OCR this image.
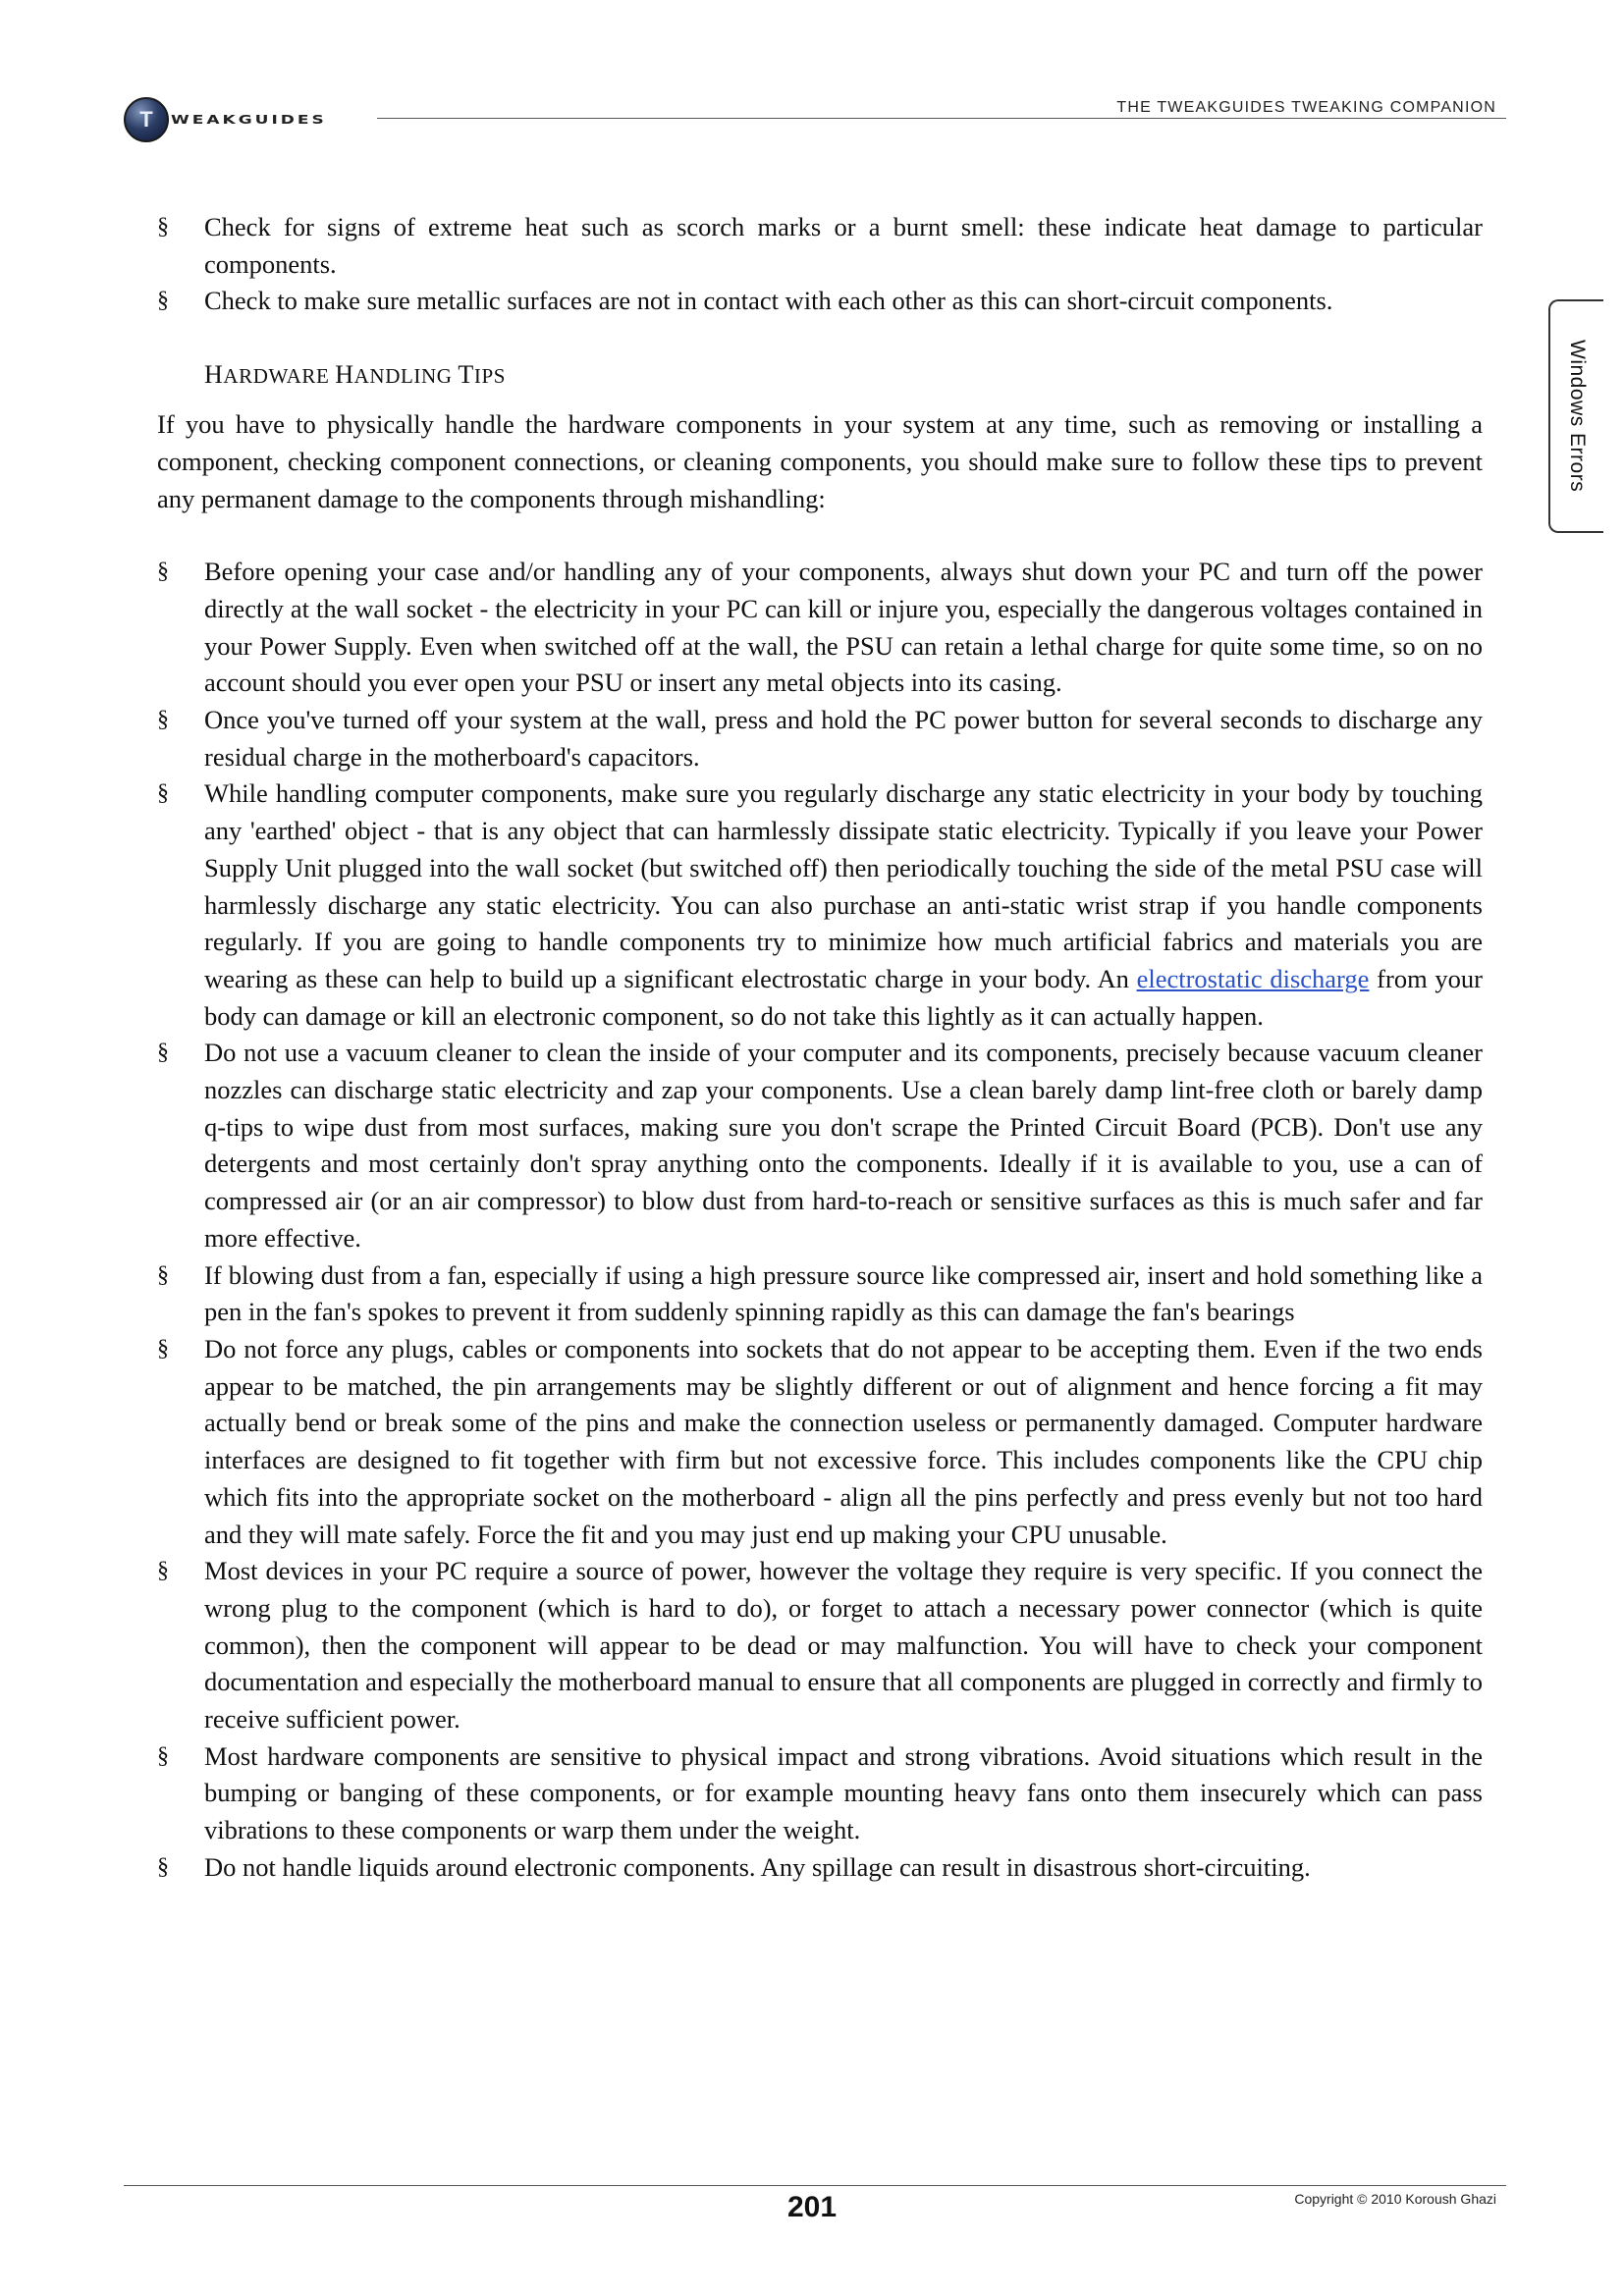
T	WEAKGUIDES
THE TWEAKGUIDES TWEAKING COMPANION
Windows Errors
§ Check for signs of extreme heat such as scorch marks or a burnt smell: these indicate heat damage to particular components.
§ Check to make sure metallic surfaces are not in contact with each other as this can short-circuit components.
HARDWARE HANDLING TIPS

If you have to physically handle the hardware components in your system at any time, such as removing or installing a component, checking component connections, or cleaning components, you should make sure to follow these tips to prevent any permanent damage to the components through mishandling:

§ Before opening your case and/or handling any of your components, always shut down your PC and turn off the power directly at the wall socket - the electricity in your PC can kill or injure you, especially the dangerous voltages contained in your Power Supply. Even when switched off at the wall, the PSU can retain a lethal charge for quite some time, so on no account should you ever open your PSU or insert any metal objects into its casing.
§ Once you've turned off your system at the wall, press and hold the PC power button for several seconds to discharge any residual charge in the motherboard's capacitors.
§ While handling computer components, make sure you regularly discharge any static electricity in your body by touching any 'earthed' object - that is any object that can harmlessly dissipate static electricity. Typically if you leave your Power Supply Unit plugged into the wall socket (but switched off) then periodically touching the side of the metal PSU case will harmlessly discharge any static electricity. You can also purchase an anti-static wrist strap if you handle components regularly. If you are going to handle components try to minimize how much artificial fabrics and materials you are wearing as these can help to build up a significant electrostatic charge in your body. An electrostatic discharge from your body can damage or kill an electronic component, so do not take this lightly as it can actually happen.
§ Do not use a vacuum cleaner to clean the inside of your computer and its components, precisely because vacuum cleaner nozzles can discharge static electricity and zap your components. Use a clean barely damp lint-free cloth or barely damp q-tips to wipe dust from most surfaces, making sure you don't scrape the Printed Circuit Board (PCB). Don't use any detergents and most certainly don't spray anything onto the components. Ideally if it is available to you, use a can of compressed air (or an air compressor) to blow dust from hard-to-reach or sensitive surfaces as this is much safer and far more effective.
§ If blowing dust from a fan, especially if using a high pressure source like compressed air, insert and hold something like a pen in the fan's spokes to prevent it from suddenly spinning rapidly as this can damage the fan's bearings
§ Do not force any plugs, cables or components into sockets that do not appear to be accepting them. Even if the two ends appear to be matched, the pin arrangements may be slightly different or out of alignment and hence forcing a fit may actually bend or break some of the pins and make the connection useless or permanently damaged. Computer hardware interfaces are designed to fit together with firm but not excessive force. This includes components like the CPU chip which fits into the appropriate socket on the motherboard - align all the pins perfectly and press evenly but not too hard and they will mate safely. Force the fit and you may just end up making your CPU unusable.
§ Most devices in your PC require a source of power, however the voltage they require is very specific. If you connect the wrong plug to the component (which is hard to do), or forget to attach a necessary power connector (which is quite common), then the component will appear to be dead or may malfunction. You will have to check your component documentation and especially the motherboard manual to ensure that all components are plugged in correctly and firmly to receive sufficient power.
§ Most hardware components are sensitive to physical impact and strong vibrations. Avoid situations which result in the bumping or banging of these components, or for example mounting heavy fans onto them insecurely which can pass vibrations to these components or warp them under the weight.
§ Do not handle liquids around electronic components. Any spillage can result in disastrous short-circuiting.
201	Copyright © 2010 Koroush Ghazi
